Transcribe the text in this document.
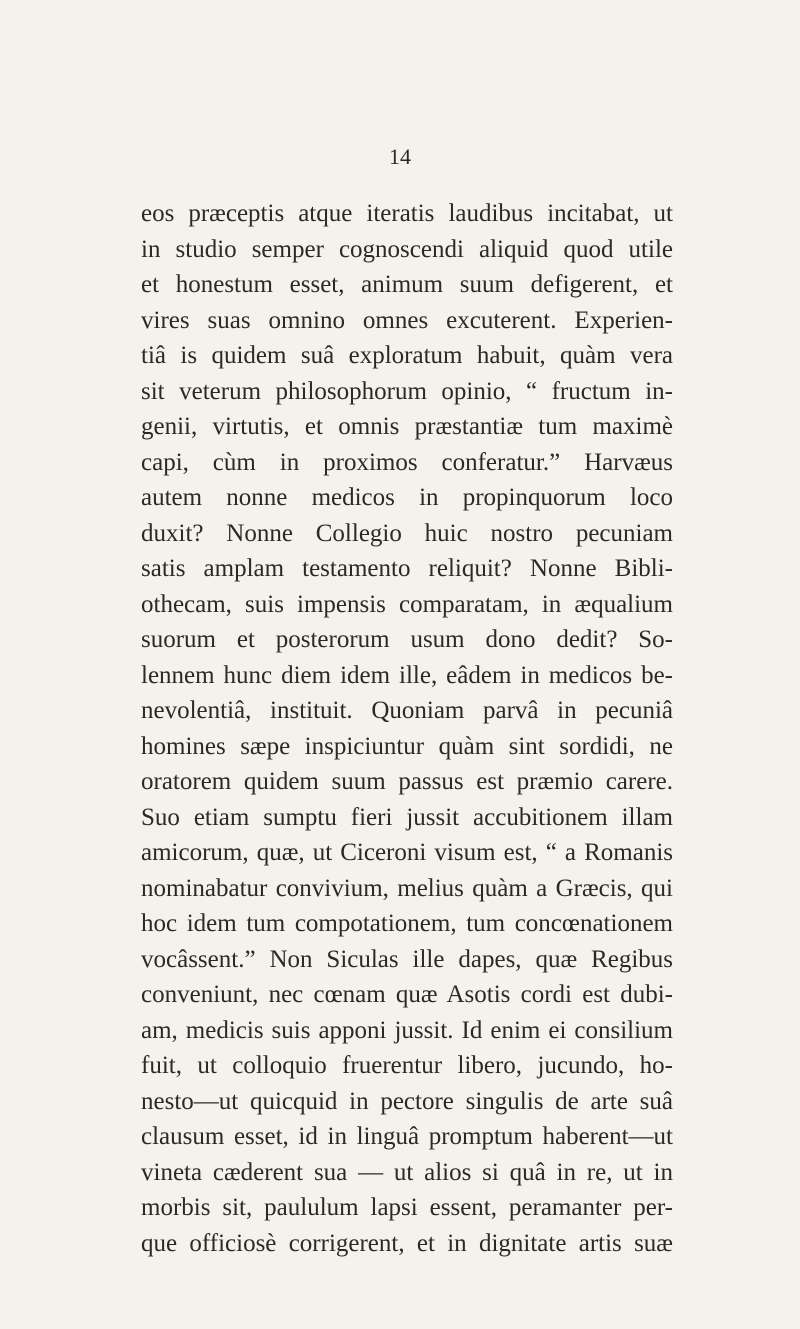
14
eos præceptis atque iteratis laudibus incitabat, ut
in studio semper cognoscendi aliquid quod utile
et honestum esset, animum suum defigerent, et
vires suas omnino omnes excuterent. Experien-
tiâ is quidem suâ exploratum habuit, quàm vera
sit veterum philosophorum opinio, “ fructum in-
genii, virtutis, et omnis præstantiæ tum maximè
capi, cùm in proximos conferatur.” Harvæus
autem nonne medicos in propinquorum loco
duxit? Nonne Collegio huic nostro pecuniam
satis amplam testamento reliquit? Nonne Bibli-
othecam, suis impensis comparatam, in æqualium
suorum et posterorum usum dono dedit? So-
lennem hunc diem idem ille, eâdem in medicos be-
nevolentiâ, instituit. Quoniam parvâ in pecuniâ
homines sæpe inspiciuntur quàm sint sordidi, ne
oratorem quidem suum passus est præmio carere.
Suo etiam sumptu fieri jussit accubitionem illam
amicorum, quæ, ut Ciceroni visum est, “ a Romanis
nominabatur convivium, melius quàm a Græcis, qui
hoc idem tum compotationem, tum concœnationem
vocâssent.” Non Siculas ille dapes, quæ Regibus
conveniunt, nec cœnam quæ Asotis cordi est dubi-
am, medicis suis apponi jussit. Id enim ei consilium
fuit, ut colloquio fruerentur libero, jucundo, ho-
nesto—ut quicquid in pectore singulis de arte suâ
clausum esset, id in linguâ promptum haberent—ut
vineta cæderent sua — ut alios si quâ in re, ut in
morbis sit, paululum lapsi essent, peramanter per-
que officiosè corrigerent, et in dignitate artis suæ
